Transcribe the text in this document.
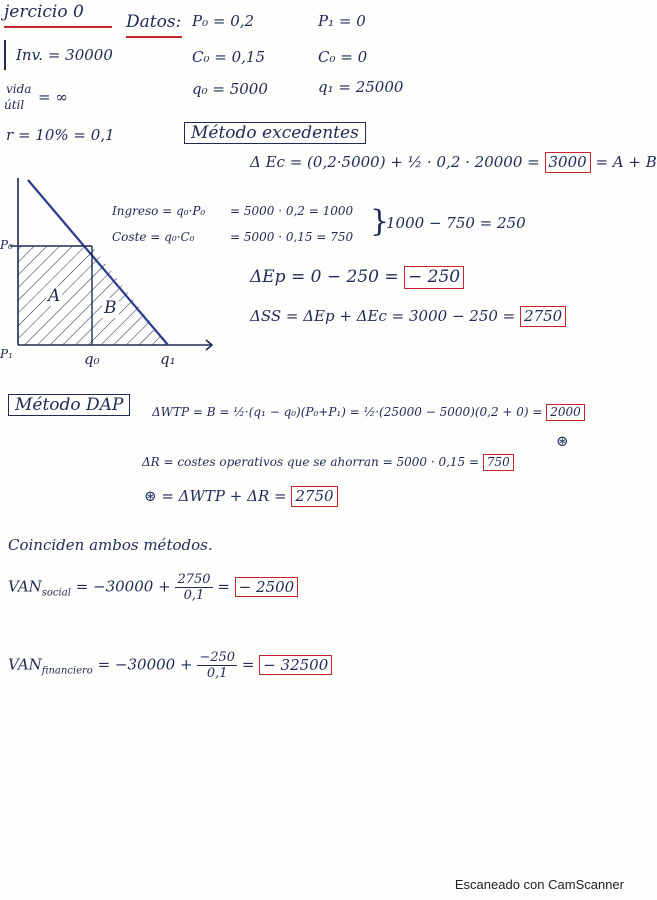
jercicio 0 Datos: P₀ = 0,2	P₁ = 0
C₀ = 0,15	C₀ = 0
q₀ = 5000	q₁ = 25000
Inv. = 30000
vida
útil = ∞
r = 10% = 0,1	Método excedentes
Δ Ec = (0,2·5000) + ½ · 0,2 · 20000 = 3000 = A + B
Ingreso = q₀·P₀ = 5000 · 0,2 = 1000
Coste = q₀·C₀	= 5000 · 0,15 = 750 }
1000 − 750 = 250
ΔEp = 0 − 250 = − 250
ΔSS = ΔEp + ΔEc = 3000 − 250 = 2750
P₀
P₁	q₀	q₁
A
B
Método DAP	ΔWTP = B = ½·(q₁ − q₀)(P₀+P₁) = ½·(25000 − 5000)(0,2 + 0) = 2000
ΔR = costes operativos que se ahorran = 5000 · 0,15 = 750
⊛
⊛ = ΔWTP + ΔR = 2750
Coinciden ambos métodos.
$VAN_{social} = -30000 + \frac{2750}{0,1}$ = − 2500
$VAN_{financiero} = -30000 + \frac{-250}{0,1}$ = − 32500
Escaneado con CamScanner
